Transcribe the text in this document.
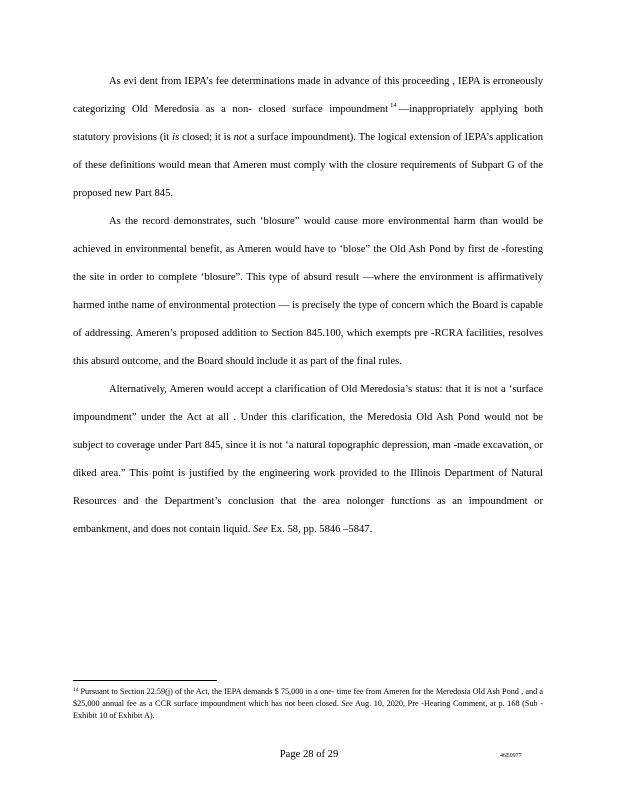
As evi dent from IEPA’s fee determinations made in advance of this proceeding , IEPA is erroneously categorizing Old Meredosia as a non- closed surface impoundment $^{14}$ —inappropriately applying both statutory provisions (it is closed; it is not a surface impoundment). The logical extension of IEPA’s application of these definitions would mean that Ameren must comply with the closure requirements of Subpart G of the proposed new Part 845.

As the record demonstrates, such ‘blosure” would cause more environmental harm than would be achieved in environmental benefit, as Ameren would have to ‘blose” the Old Ash Pond by first de -foresting the site in order to complete ‘blosure”. This type of absurd result —where the environment is affirmatively harmed inthe name of environmental protection — is precisely the type of concern which the Board is capable of addressing. Ameren’s proposed addition to Section 845.100, which exempts pre -RCRA facilities, resolves this absurd outcome, and the Board should include it as part of the final rules.

Alternatively, Ameren would accept a clarification of Old Meredosia’s status: that it is not a ‘surface impoundment” under the Act at all . Under this clarification, the Meredosia Old Ash Pond would not be subject to coverage under Part 845, since it is not ‘a natural topographic depression, man -made excavation, or diked area.” This point is justified by the engineering work provided to the Illinois Department of Natural Resources and the Department’s conclusion that the area nolonger functions as an impoundment or embankment, and does not contain liquid. See Ex. 58, pp. 5846 –5847.

$^{14}$ Pursuant to Section 22.59(j) of the Act, the IEPA demands $ 75,000 in a one- time fee from Ameren for the Meredosia Old Ash Pond , and a $25,000 annual fee as a CCR surface impoundment which has not been closed. See Aug. 10, 2020, Pre -Hearing Comment, at p. 168 (Sub -Exhibit 10 of Exhibit A).

Page 28 of 29	46E0977
